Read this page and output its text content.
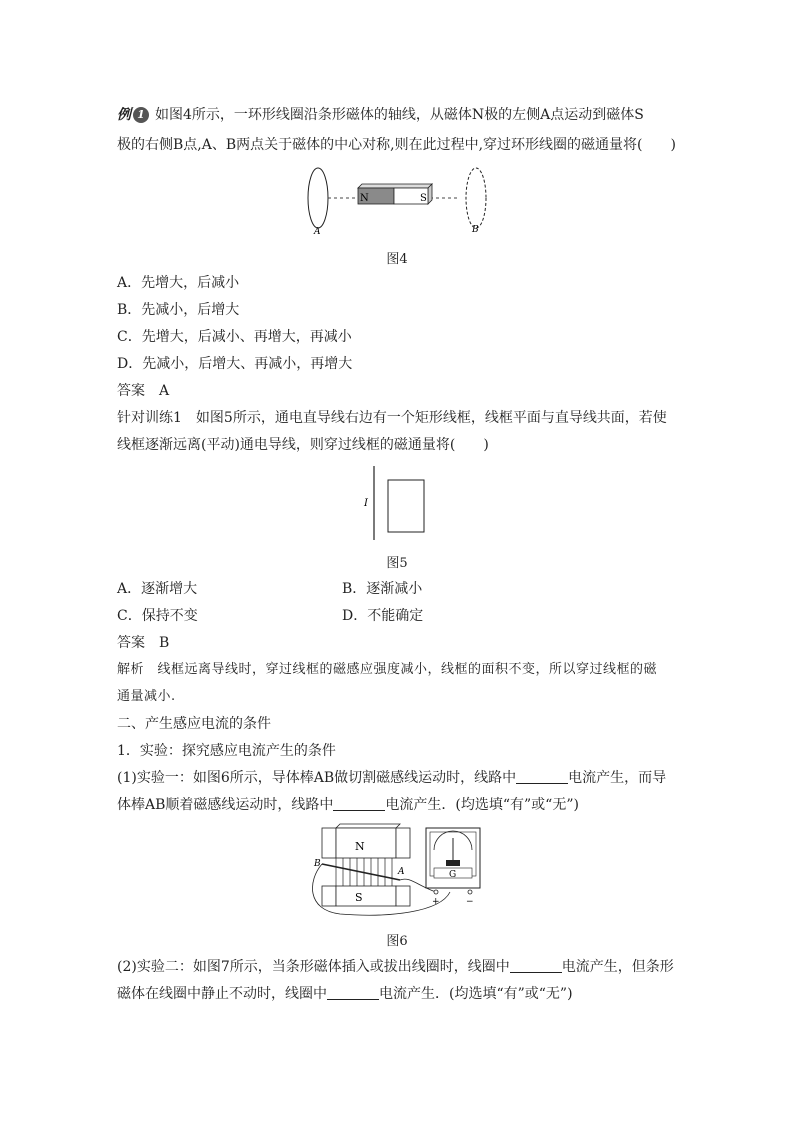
例 1 如图4所示，一环形线圈沿条形磁体的轴线，从磁体N极的左侧A点运动到磁体S
极的右侧B点,A、B两点关于磁体的中心对称,则在此过程中,穿过环形线圈的磁通量将(　　)
N	S
A	B
图4
A．先增大，后减小
B．先减小，后增大
C．先增大，后减小、再增大，再减小
D．先减小，后增大、再减小，再增大
答案　A
针对训练1　如图5所示，通电直导线右边有一个矩形线框，线框平面与直导线共面，若使
线框逐渐远离(平动)通电导线，则穿过线框的磁通量将(　　)
I
图5
A．逐渐增大	B．逐渐减小
C．保持不变	D．不能确定
答案　B
解析　线框远离导线时，穿过线框的磁感应强度减小，线框的面积不变，所以穿过线框的磁
通量减小.
二、产生感应电流的条件
1．实验：探究感应电流产生的条件
(1)实验一：如图6所示，导体棒AB做切割磁感线运动时，线路中	电流产生，而导
体棒AB顺着磁感线运动时，线路中	电流产生．(均选填“有”或“无”)
N
B
A
S
G
+	−
图6
(2)实验二：如图7所示，当条形磁体插入或拔出线圈时，线圈中	电流产生，但条形
磁体在线圈中静止不动时，线圈中	电流产生．(均选填“有”或“无”)
